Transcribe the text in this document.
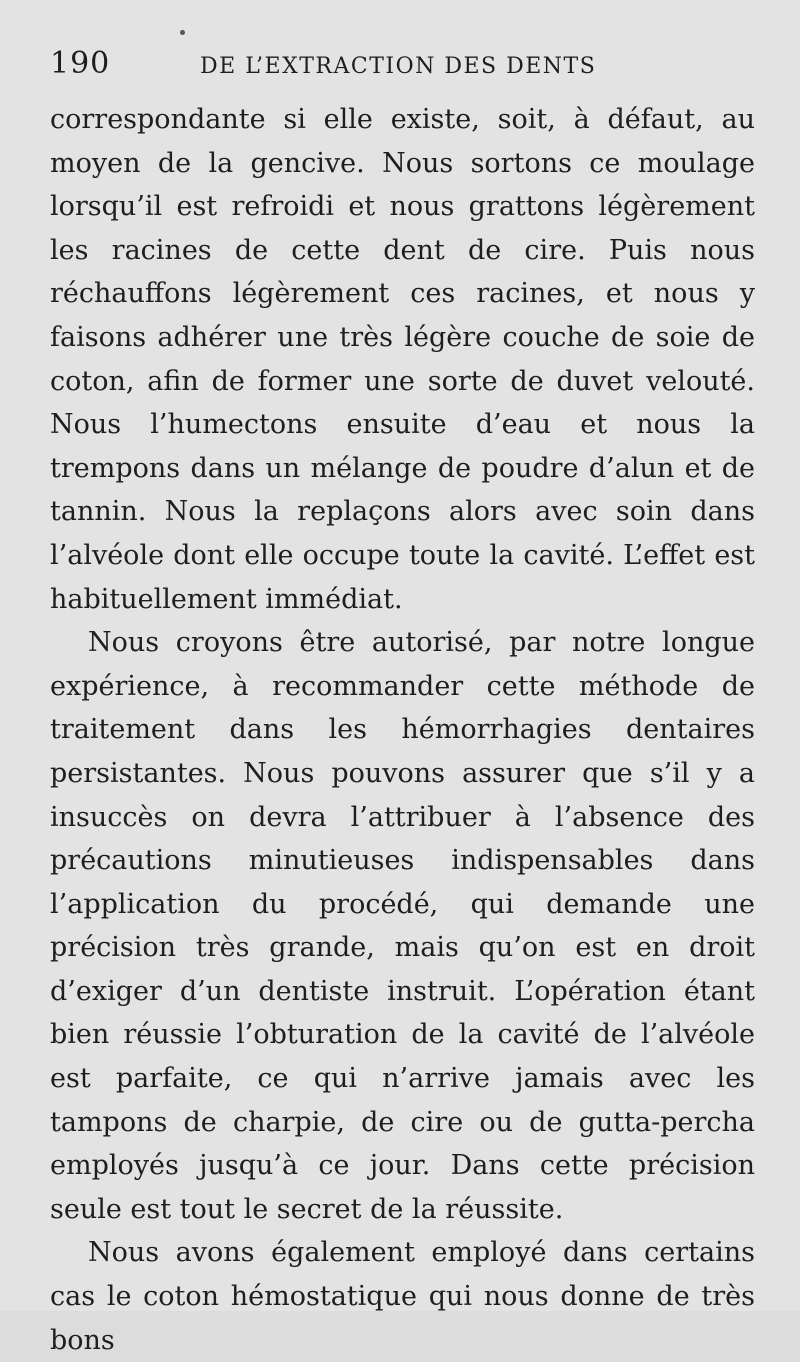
190	DE L’EXTRACTION DES DENTS

correspondante si elle existe, soit, à défaut, au moyen de la gencive. Nous sortons ce moulage lorsqu’il est refroidi et nous grattons légèrement les racines de cette dent de cire. Puis nous réchauffons légèrement ces racines, et nous y faisons adhérer une très légère couche de soie de coton, afin de former une sorte de duvet velouté. Nous l’humectons ensuite d’eau et nous la trempons dans un mélange de poudre d’alun et de tannin. Nous la replaçons alors avec soin dans l’alvéole dont elle occupe toute la cavité. L’effet est habituellement immédiat.

Nous croyons être autorisé, par notre longue expérience, à recommander cette méthode de traitement dans les hémorrhagies dentaires persistantes. Nous pouvons assurer que s’il y a insuccès on devra l’attribuer à l’absence des précautions minutieuses indispensables dans l’application du procédé, qui demande une précision très grande, mais qu’on est en droit d’exiger d’un dentiste instruit. L’opération étant bien réussie l’obturation de la cavité de l’alvéole est parfaite, ce qui n’arrive jamais avec les tampons de charpie, de cire ou de gutta-percha employés jusqu’à ce jour. Dans cette précision seule est tout le secret de la réussite.

Nous avons également employé dans certains cas le coton hémostatique qui nous donne de très bons
